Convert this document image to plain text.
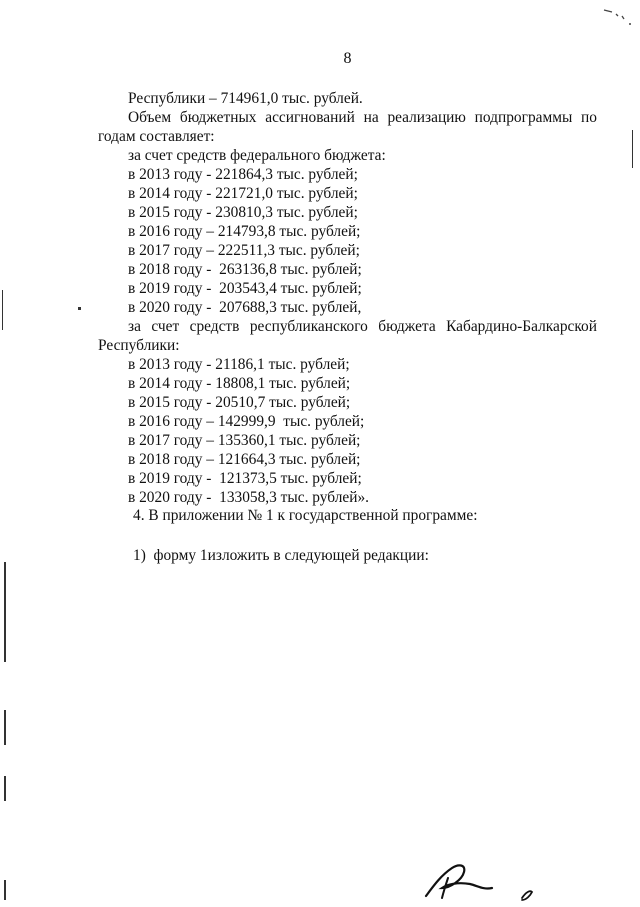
8
Республики – 714961,0 тыс. рублей.
Объем бюджетных ассигнований на реализацию подпрограммы по
годам составляет:
за счет средств федерального бюджета:
в 2013 году - 221864,3 тыс. рублей;
в 2014 году - 221721,0 тыс. рублей;
в 2015 году - 230810,3 тыс. рублей;
в 2016 году – 214793,8 тыс. рублей;
в 2017 году – 222511,3 тыс. рублей;
в 2018 году -  263136,8 тыс. рублей;
в 2019 году -  203543,4 тыс. рублей;
в 2020 году -  207688,3 тыс. рублей,
за счет средств республиканского бюджета Кабардино-Балкарской
Республики:
в 2013 году - 21186,1 тыс. рублей;
в 2014 году - 18808,1 тыс. рублей;
в 2015 году - 20510,7 тыс. рублей;
в 2016 году – 142999,9  тыс. рублей;
в 2017 году – 135360,1 тыс. рублей;
в 2018 году – 121664,3 тыс. рублей;
в 2019 году -  121373,5 тыс. рублей;
в 2020 году -  133058,3 тыс. рублей».
4. В приложении № 1 к государственной программе:
1)  форму 1изложить в следующей редакции:
